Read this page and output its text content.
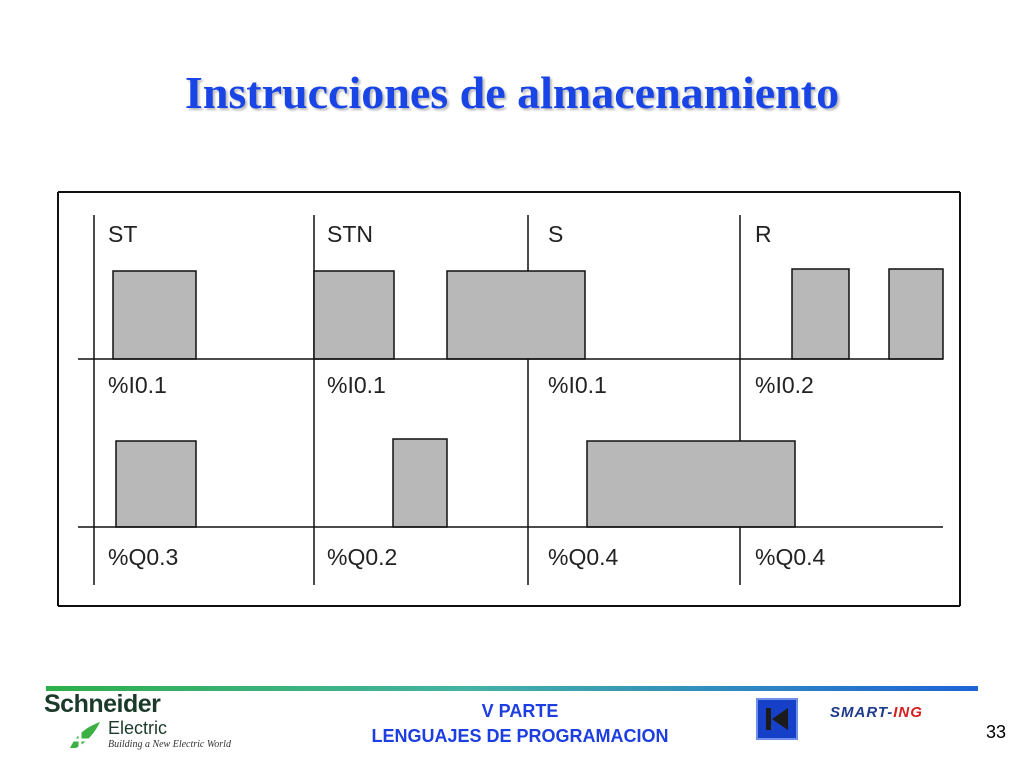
Instrucciones de almacenamiento
ST	STN	S	R
%I0.1	%I0.1	%I0.1	%I0.2
%Q0.3	%Q0.2	%Q0.4	%Q0.4
Schneider
Electric
Building a New Electric World
V PARTE
LENGUAJES DE PROGRAMACION
SMART-ING
33
